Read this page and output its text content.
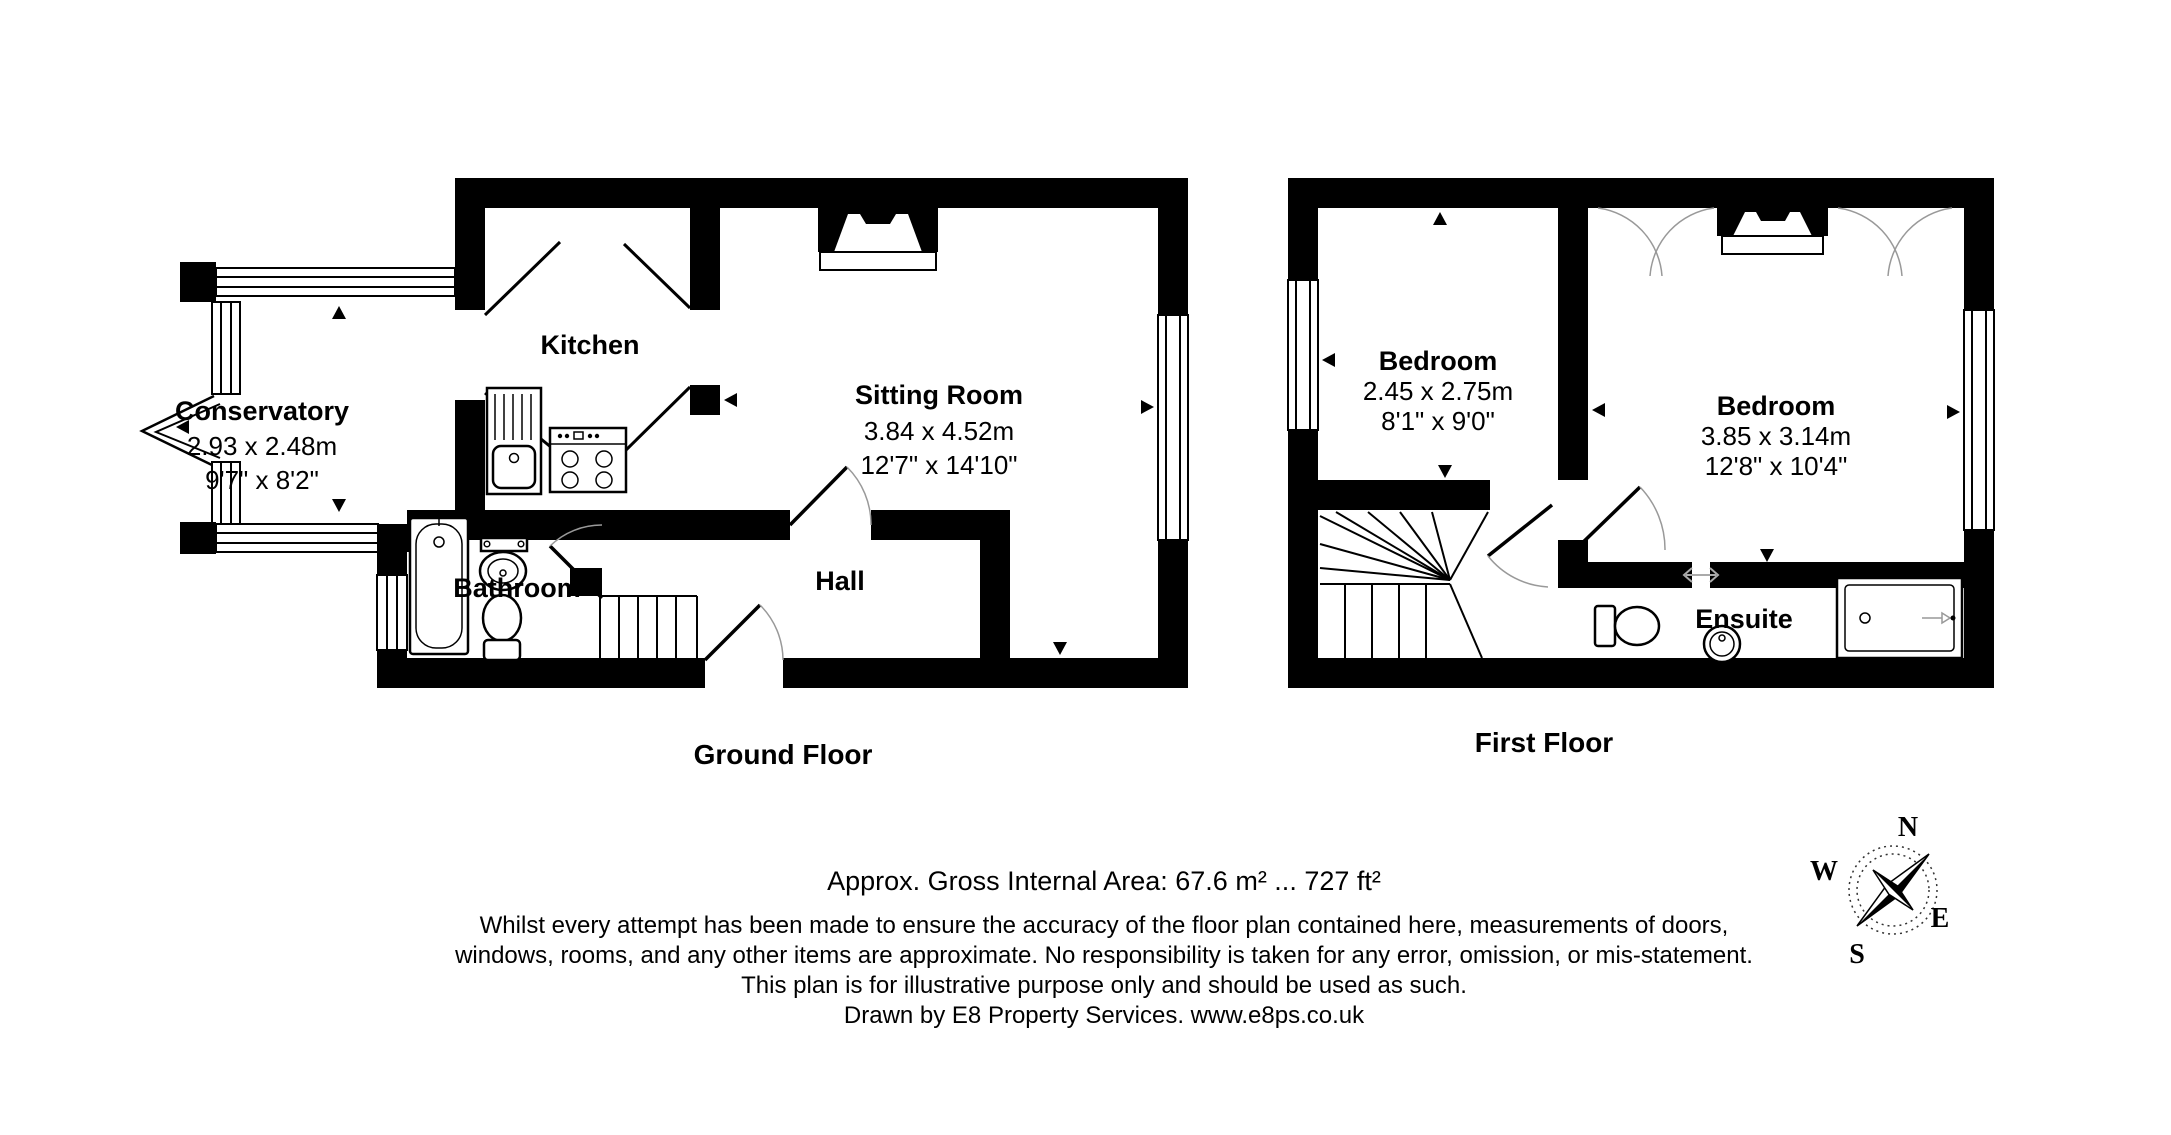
Conservatory
2.93 x 2.48m
9'7" x 8'2"
Kitchen
Sitting Room
3.84 x 4.52m
12'7" x 14'10"
Bathroom	Hall
Ground Floor
Bedroom
2.45 x 2.75m
8'1" x 9'0"	Bedroom
3.85 x 3.14m
12'8" x 10'4"
Ensuite
First Floor
Approx. Gross Internal Area: 67.6 m² ... 727 ft²
Whilst every attempt has been made to ensure the accuracy of the floor plan contained here, measurements of doors,
windows, rooms, and any other items are approximate. No responsibility is taken for any error, omission, or mis-statement.
This plan is for illustrative purpose only and should be used as such.
Drawn by E8 Property Services. www.e8ps.co.uk
N
W
E
S
